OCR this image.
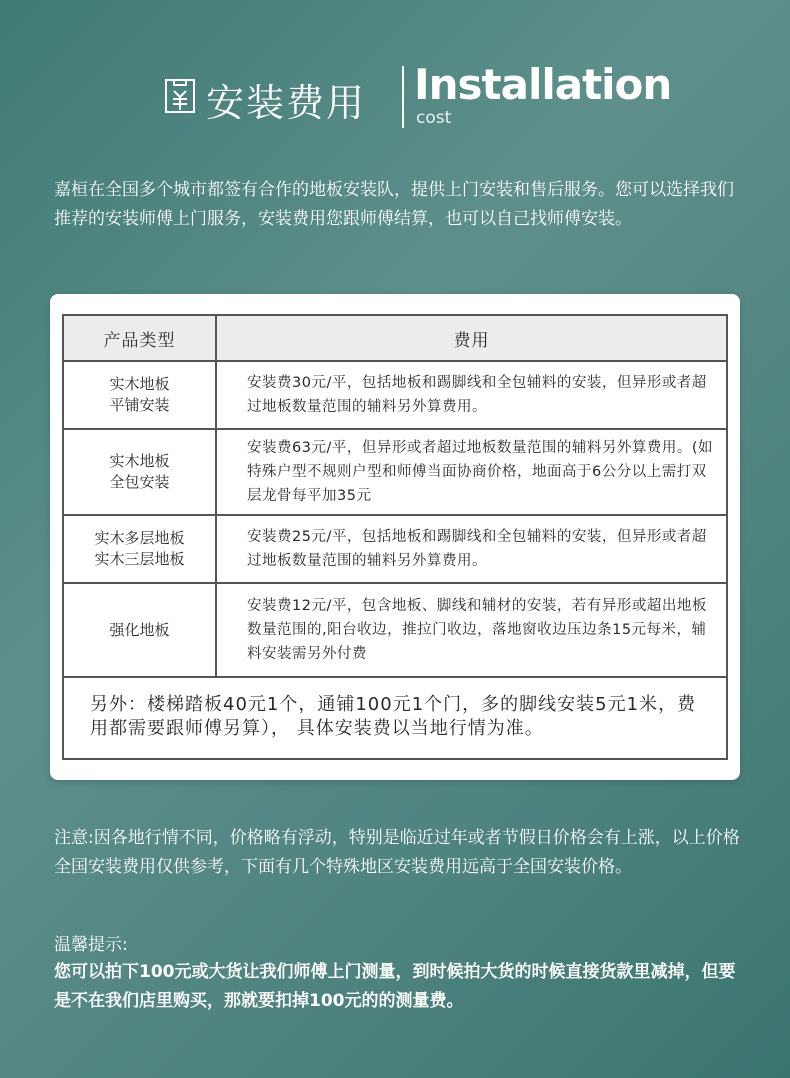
安装费用 Installation
cost
嘉桓在全国多个城市都签有合作的地板安装队，提供上门安装和售后服务。您可以选择我们推荐的安装师傅上门服务，安装费用您跟师傅结算，也可以自己找师傅安装。
产品类型	费用

实木地板
平铺安装	安装费30元/平，包括地板和踢脚线和全包辅料的安装，但异形或者超过地板数量范围的辅料另外算费用。

实木地板
全包安装	安装费63元/平，但异形或者超过地板数量范围的辅料另外算费用。(如特殊户型不规则户型和师傅当面协商价格，地面高于6公分以上需打双层龙骨每平加35元

实木多层地板
实木三层地板	安装费25元/平，包括地板和踢脚线和全包辅料的安装，但异形或者超过地板数量范围的辅料另外算费用。

强化地板	安装费12元/平，包含地板、脚线和辅材的安装，若有异形或超出地板数量范围的,阳台收边，推拉门收边，落地窗收边压边条15元每米，辅料安装需另外付费
另外：楼梯踏板40元1个，通铺100元1个门，多的脚线安装5元1米，费用都需要跟师傅另算）， 具体安装费以当地行情为准。	
注意:因各地行情不同，价格略有浮动，特别是临近过年或者节假日价格会有上涨，以上价格全国安装费用仅供参考，下面有几个特殊地区安装费用远高于全国安装价格。
温馨提示:
您可以拍下100元或大货让我们师傅上门测量，到时候拍大货的时候直接货款里减掉，但要是不在我们店里购买，那就要扣掉100元的的测量费。
